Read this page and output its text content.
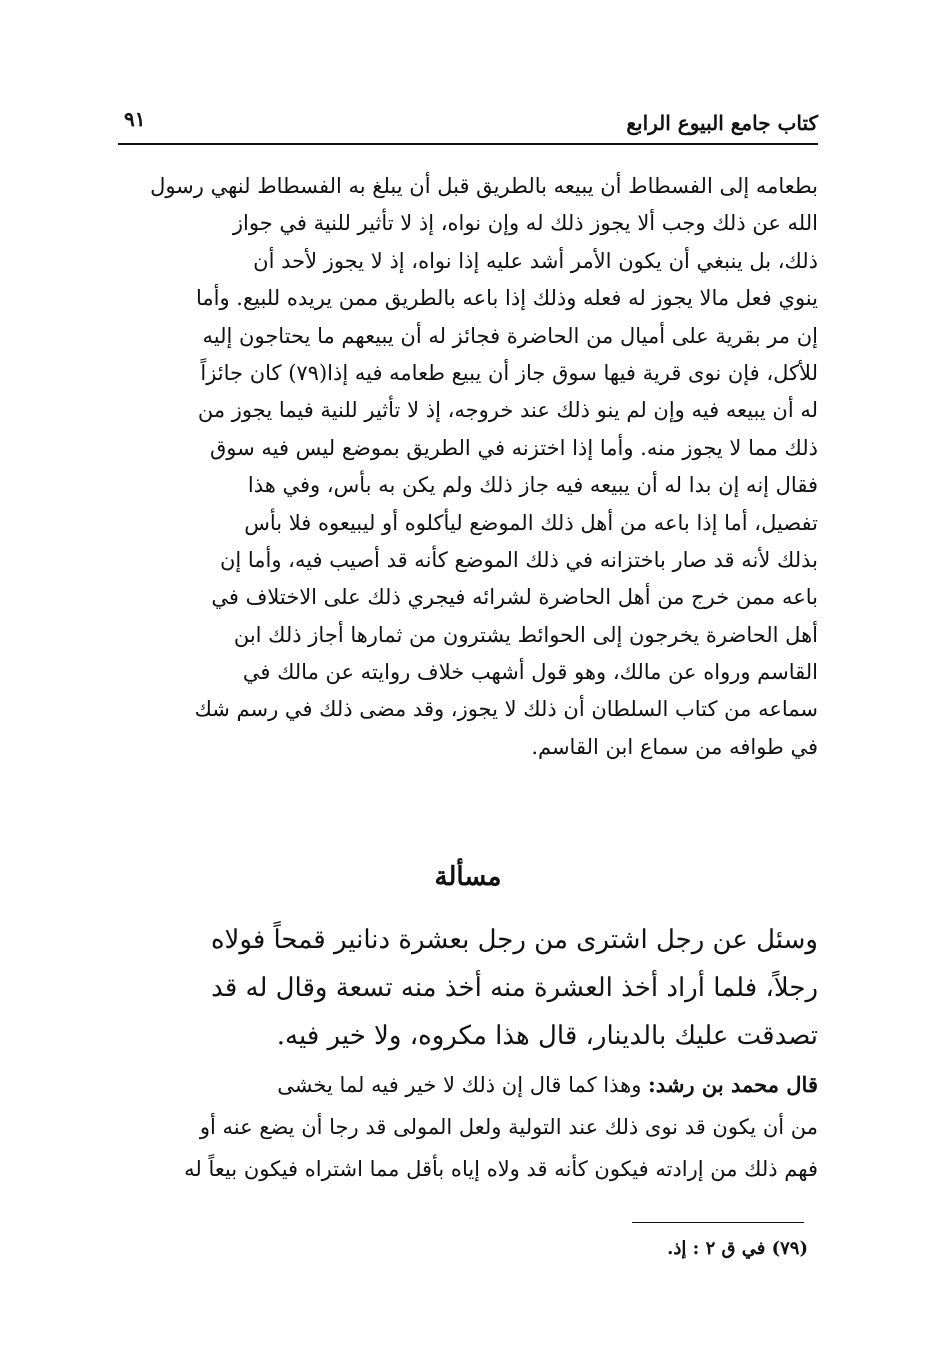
كتاب جامع البيوع الرابع
٩١
بطعامه إلى الفسطاط أن يبيعه بالطريق قبل أن يبلغ به الفسطاط لنهي رسول
الله عن ذلك وجب ألا يجوز ذلك له وإن نواه، إذ لا تأثير للنية في جواز
ذلك، بل ينبغي أن يكون الأمر أشد عليه إذا نواه، إذ لا يجوز لأحد أن
ينوي فعل مالا يجوز له فعله وذلك إذا باعه بالطريق ممن يريده للبيع. وأما
إن مر بقرية على أميال من الحاضرة فجائز له أن يبيعهم ما يحتاجون إليه
للأكل، فإن نوى قرية فيها سوق جاز أن يبيع طعامه فيه إذا(٧٩) كان جائزاً
له أن يبيعه فيه وإن لم ينو ذلك عند خروجه، إذ لا تأثير للنية فيما يجوز من
ذلك مما لا يجوز منه. وأما إذا اختزنه في الطريق بموضع ليس فيه سوق
فقال إنه إن بدا له أن يبيعه فيه جاز ذلك ولم يكن به بأس، وفي هذا
تفصيل، أما إذا باعه من أهل ذلك الموضع ليأكلوه أو ليبيعوه فلا بأس
بذلك لأنه قد صار باختزانه في ذلك الموضع كأنه قد أصيب فيه، وأما إن
باعه ممن خرج من أهل الحاضرة لشرائه فيجري ذلك على الاختلاف في
أهل الحاضرة يخرجون إلى الحوائط يشترون من ثمارها أجاز ذلك ابن
القاسم ورواه عن مالك، وهو قول أشهب خلاف روايته عن مالك في
سماعه من كتاب السلطان أن ذلك لا يجوز، وقد مضى ذلك في رسم شك
في طوافه من سماع ابن القاسم.
مسألة
وسئل عن رجل اشترى من رجل بعشرة دنانير قمحاً فولاه
رجلاً، فلما أراد أخذ العشرة منه أخذ منه تسعة وقال له قد
تصدقت عليك بالدينار، قال هذا مكروه، ولا خير فيه.
قال محمد بن رشد: وهذا كما قال إن ذلك لا خير فيه لما يخشى
من أن يكون قد نوى ذلك عند التولية ولعل المولى قد رجا أن يضع عنه أو
فهم ذلك من إرادته فيكون كأنه قد ولاه إياه بأقل مما اشتراه فيكون بيعاً له
(٧٩) في ق ٢ : إذ.
